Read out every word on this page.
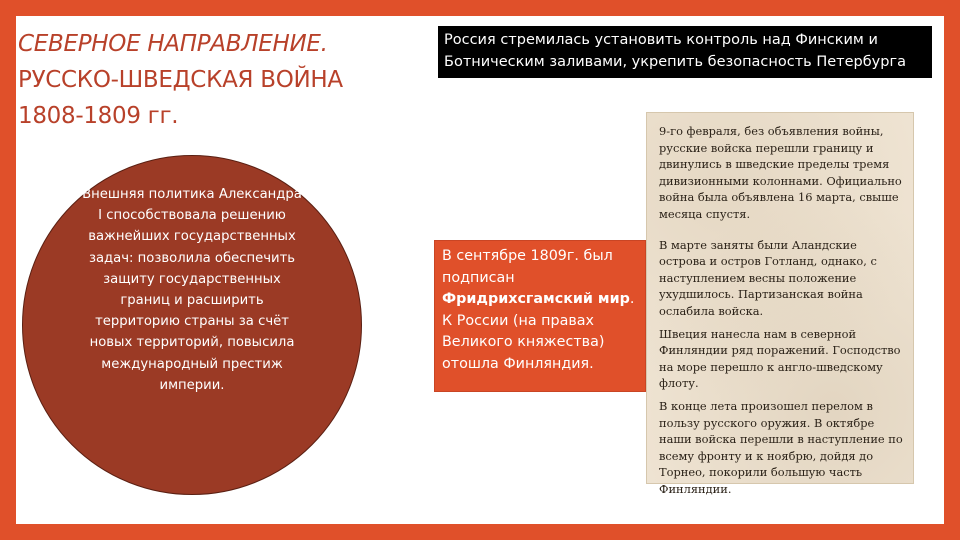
СЕВЕРНОЕ НАПРАВЛЕНИЕ.
РУССКО-ШВЕДСКАЯ ВОЙНА
1808-1809 гг.
Россия стремилась установить контроль над Финским и Ботническим заливами, укрепить безопасность Петербурга
Внешняя политика Александра I способствовала решению важнейших государственных задач: позволила обеспечить защиту государственных границ и расширить территорию страны за счёт новых территорий, повысила международный престиж империи.
В сентябре 1809г. был подписан Фридрихсгамский мир. К России (на правах Великого княжества) отошла Финляндия.

9-го февраля, без объявления войны, русские войска перешли границу и двинулись в шведские пределы тремя дивизионными колоннами. Официально война была объявлена 16 марта, свыше месяца спустя.

В марте заняты были Аландские острова и остров Готланд, однако, с наступлением весны положение ухудшилось. Партизанская война ослабила войска.

Швеция нанесла нам в северной Финляндии ряд поражений. Господство на море перешло к англо-шведскому флоту.

В конце лета произошел перелом в пользу русского оружия. В октябре наши войска перешли в наступление по всему фронту и к ноябрю, дойдя до Торнео, покорили большую часть Финляндии.
